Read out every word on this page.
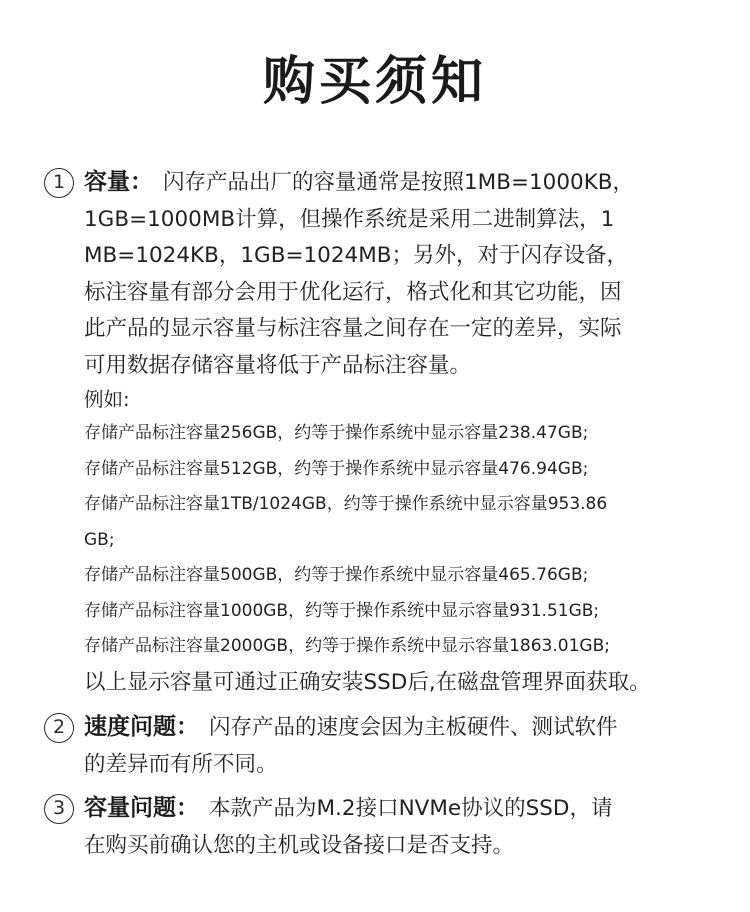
购买须知
1 容量： 闪存产品出厂的容量通常是按照1MB=1000KB，
1GB=1000MB计算，但操作系统是采用二进制算法，1
MB=1024KB，1GB=1024MB；另外，对于闪存设备，
标注容量有部分会用于优化运行，格式化和其它功能，因
此产品的显示容量与标注容量之间存在一定的差异，实际
可用数据存储容量将低于产品标注容量。
例如:
存储产品标注容量256GB，约等于操作系统中显示容量238.47GB;
存储产品标注容量512GB，约等于操作系统中显示容量476.94GB;
存储产品标注容量1TB/1024GB，约等于操作系统中显示容量953.86
GB;
存储产品标注容量500GB，约等于操作系统中显示容量465.76GB;
存储产品标注容量1000GB，约等于操作系统中显示容量931.51GB;
存储产品标注容量2000GB，约等于操作系统中显示容量1863.01GB;
以上显示容量可通过正确安装SSD后,在磁盘管理界面获取。
2 速度问题： 闪存产品的速度会因为主板硬件、测试软件
的差异而有所不同。
3 容量问题： 本款产品为M.2接口NVMe协议的SSD，请
在购买前确认您的主机或设备接口是否支持。
